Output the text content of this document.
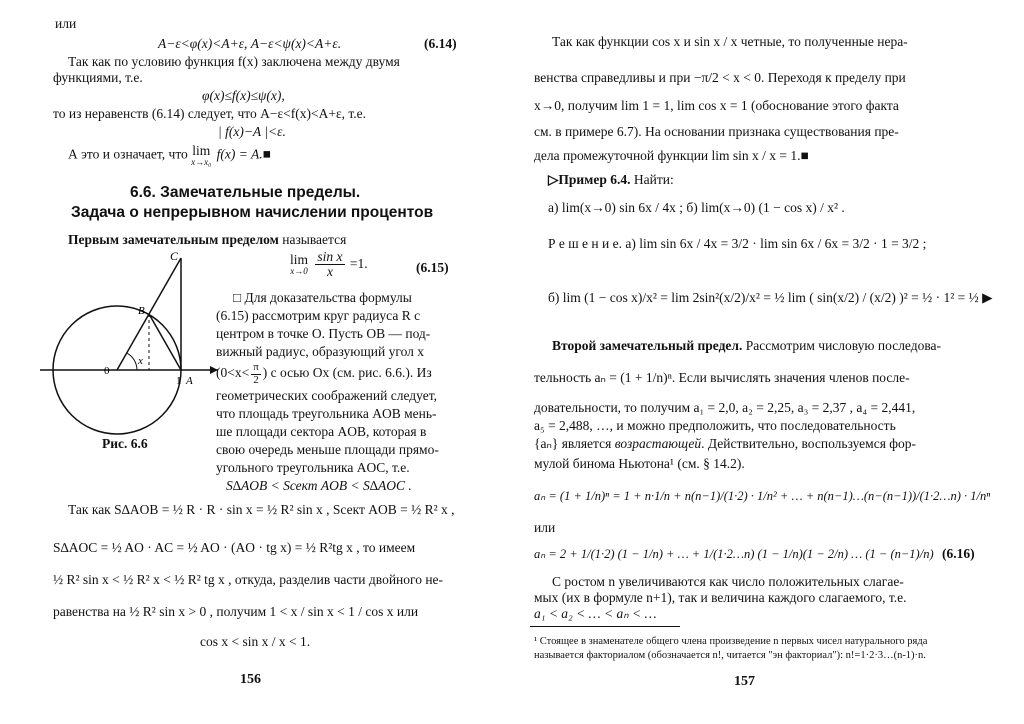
или
A−ε<φ(x)<A+ε, A−ε<ψ(x)<A+ε.	(6.14)
Так как по условию функция f(x) заключена между двумя
функциями, т.е.
φ(x)≤f(x)≤ψ(x),
то из неравенств (6.14) следует, что A−ε<f(x)<A+ε, т.е.
| f(x)−A |<ε.
А это и означает, что lim
x→x₀
f(x) = A.■
6.6. Замечательные пределы.
Задача о непрерывном начислении процентов
Первым замечательным пределом называется
lim
x→0
$\frac{\text{sin x}}{x} =1$.	(6.15)
C
B
0
x
1 A
Рис. 6.6
□ Для доказательства формулы
(6.15) рассмотрим круг радиуса R с
центром в точке O. Пусть OB — под-
вижный радиус, образующий угол x
($0<x< \frac{\pi}{2}$ ) с осью Ox (см. рис. 6.6.). Из
геометрических соображений следует,
что площадь треугольника AOB мень-
ше площади сектора AOB, которая в
свою очередь меньше площади прямо-
угольного треугольника AOC, т.е.
S∆AOB < Sсект AOB < S∆AOC .
Так как S∆AOB = ½ R · R · sin x = ½ R² sin x , Sсект AOB = ½ R² x ,
S∆AOC = ½ AO · AC = ½ AO · (AO · tg x) = ½ R²tg x , то имеем
½ R² sin x < ½ R² x < ½ R² tg x , откуда, разделив части двойного не-
равенства на ½ R² sin x > 0 , получим 1 < x / sin x < 1 / cos x или
cos x < sin x / x < 1.
156
Так как функции cos x и sin x / x четные, то полученные нера-
венства справедливы и при −π/2 < x < 0. Переходя к пределу при
x→0, получим lim 1 = 1, lim cos x = 1 (обоснование этого факта
см. в примере 6.7). На основании признака существования пре-
дела промежуточной функции lim sin x / x = 1.■
▷Пример 6.4. Найти:
а) lim(x→0) sin 6x / 4x ; б) lim(x→0) (1 − cos x) / x² .
Р е ш е н и е. а) lim sin 6x / 4x = 3/2 · lim sin 6x / 6x = 3/2 · 1 = 3/2 ;
б) lim (1 − cos x)/x² = lim 2sin²(x/2)/x² = ½ lim ( sin(x/2) / (x/2) )² = ½ · 1² = ½ ▶
Второй замечательный предел. Рассмотрим числовую последова-
тельность aₙ = (1 + 1/n)ⁿ. Если вычислять значения членов после-
довательности, то получим a₁ = 2,0, a₂ = 2,25, a₃ = 2,37 , a₄ = 2,441,
a₅ = 2,488, …, и можно предположить, что последовательность
{aₙ} является возрастающей. Действительно, воспользуемся фор-
мулой бинома Ньютона¹ (см. § 14.2).
aₙ = (1 + 1/n)ⁿ = 1 + n·1/n + n(n−1)/(1·2) · 1/n² + … + n(n−1)…(n−(n−1))/(1·2…n) · 1/nⁿ
или
aₙ = 2 + 1/(1·2) (1 − 1/n) + … + 1/(1·2…n) (1 − 1/n)(1 − 2/n) … (1 − (n−1)/n) (6.16)
С ростом n увеличиваются как число положительных слагае-
мых (их в формуле n+1), так и величина каждого слагаемого, т.е.
a₁ < a₂ < … < aₙ < …
¹ Стоящее в знаменателе общего члена произведение n первых чисел натурального ряда
называется факториалом (обозначается n!, читается "эн факториал"): n!=1·2·3…(n-1)·n.
157
